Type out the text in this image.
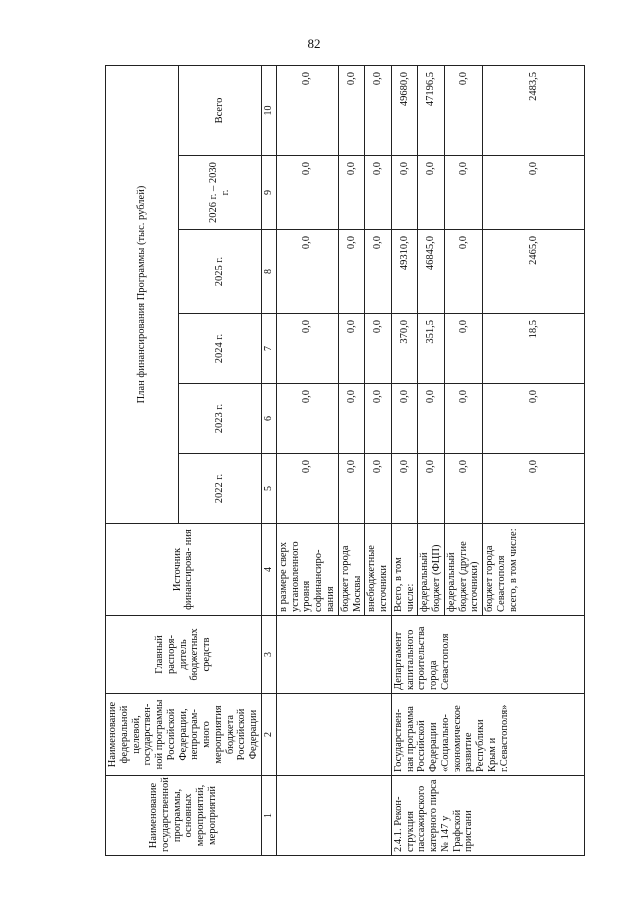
82
Наименование государственной программы, основных мероприятий, мероприятий	Наименование федеральной целевой, государствен- ной программы Российской Федерации, непрограм- много мероприятия бюджета Российской Федерации	Главный распоря- дитель бюджетных средств	Источник финансирова- ния	План финансирования Программы (тыс. рублей)					
				2022 г.	2023 г.	2024 г.	2025 г.	2026 г. – 2030 г.	Всего
1	2	3	4	5	6	7	8	9	10
			в размере сверх установленного уровня софинансиро- вания	0,0	0,0	0,0	0,0	0,0	0,0
			бюджет города Москвы	0,0	0,0	0,0	0,0	0,0	0,0
			внебюджетные источники	0,0	0,0	0,0	0,0	0,0	0,0
2.4.1. Рекон- струкция пассажирского катерного пирса № 147 у Графской пристани	Государствен- ная программа Российской Федерации «Социально- экономическое развитие Республики Крым и г.Севастополя»	Департамент капитального строительства города Севастополя	Всего, в том числе:	0,0	0,0	370,0	49310,0	0,0	49680,0
			федеральный бюджет (ФЦП)	0,0	0,0	351,5	46845,0	0,0	47196,5
			федеральный бюджет (другие источники)	0,0	0,0	0,0	0,0	0,0	0,0
			бюджет города Севастополя всего, в том числе:	0,0	0,0	18,5	2465,0	0,0	2483,5
